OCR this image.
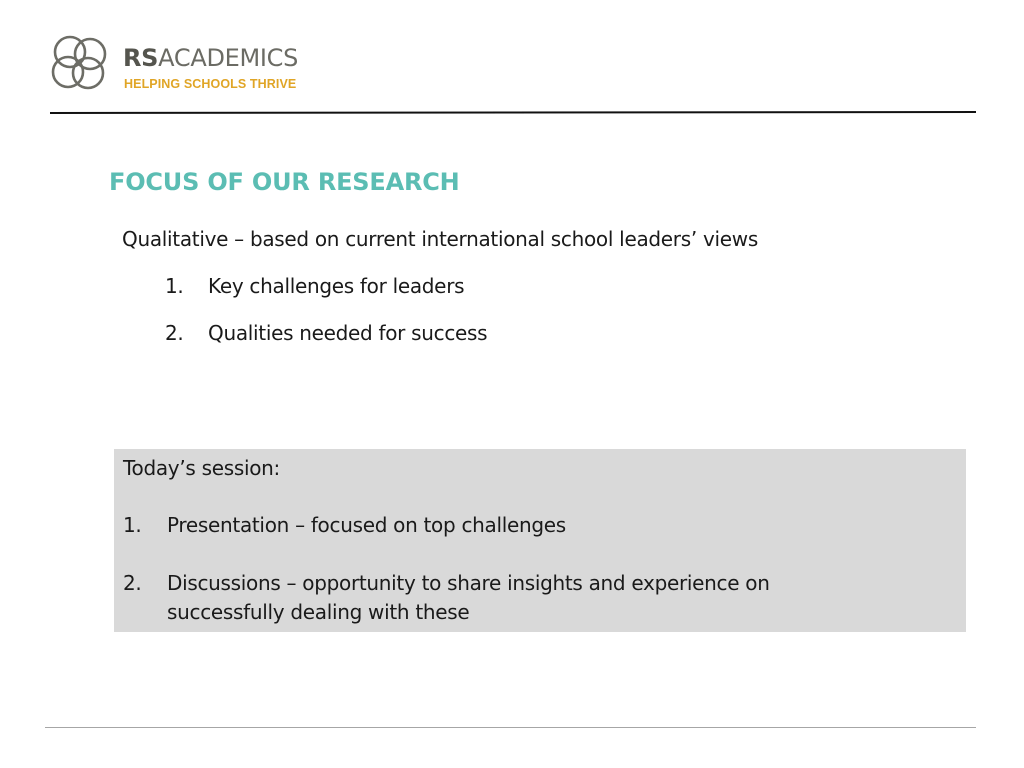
RSACADEMICS
HELPING SCHOOLS THRIVE
FOCUS OF OUR RESEARCH
Qualitative – based on current international school leaders’ views
1. Key challenges for leaders
2. Qualities needed for success
Today’s session:
1. Presentation – focused on top challenges
2. Discussions – opportunity to share insights and experience on successfully dealing with these
